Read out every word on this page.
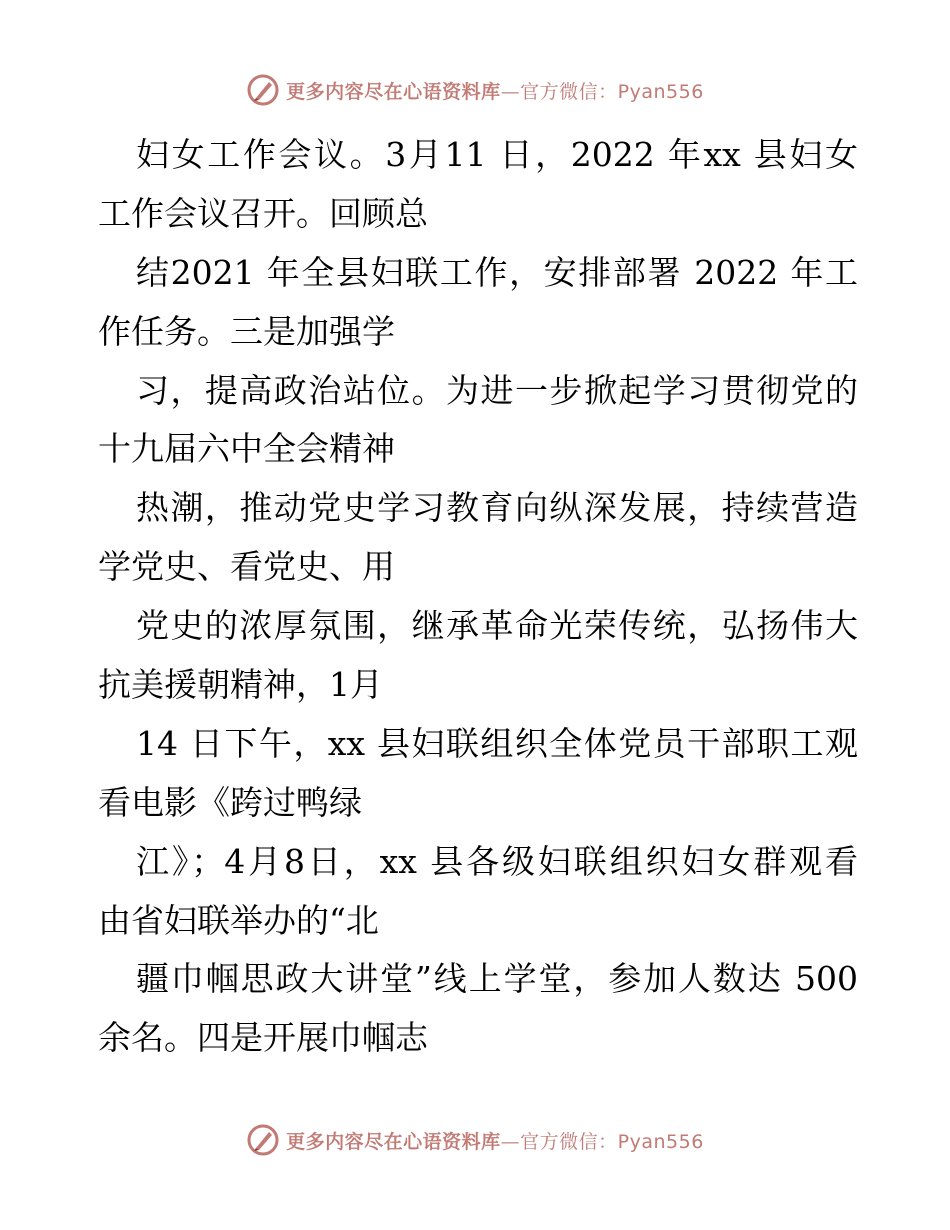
更多内容尽在心语资料库—官方微信：Pyan556
妇女工作会议。3月11 日，2022 年xx 县妇女
工作会议召开。回顾总
结2021 年全县妇联工作，安排部署 2022 年工
作任务。三是加强学
习，提高政治站位。为进一步掀起学习贯彻党的
十九届六中全会精神
热潮，推动党史学习教育向纵深发展，持续营造
学党史、看党史、用
党史的浓厚氛围，继承革命光荣传统，弘扬伟大
抗美援朝精神，1月
14 日下午，xx 县妇联组织全体党员干部职工观
看电影《跨过鸭绿
江》；4月8日，xx 县各级妇联组织妇女群观看
由省妇联举办的“北
疆巾帼思政大讲堂”线上学堂，参加人数达 500
余名。四是开展巾帼志
更多内容尽在心语资料库—官方微信：Pyan556
